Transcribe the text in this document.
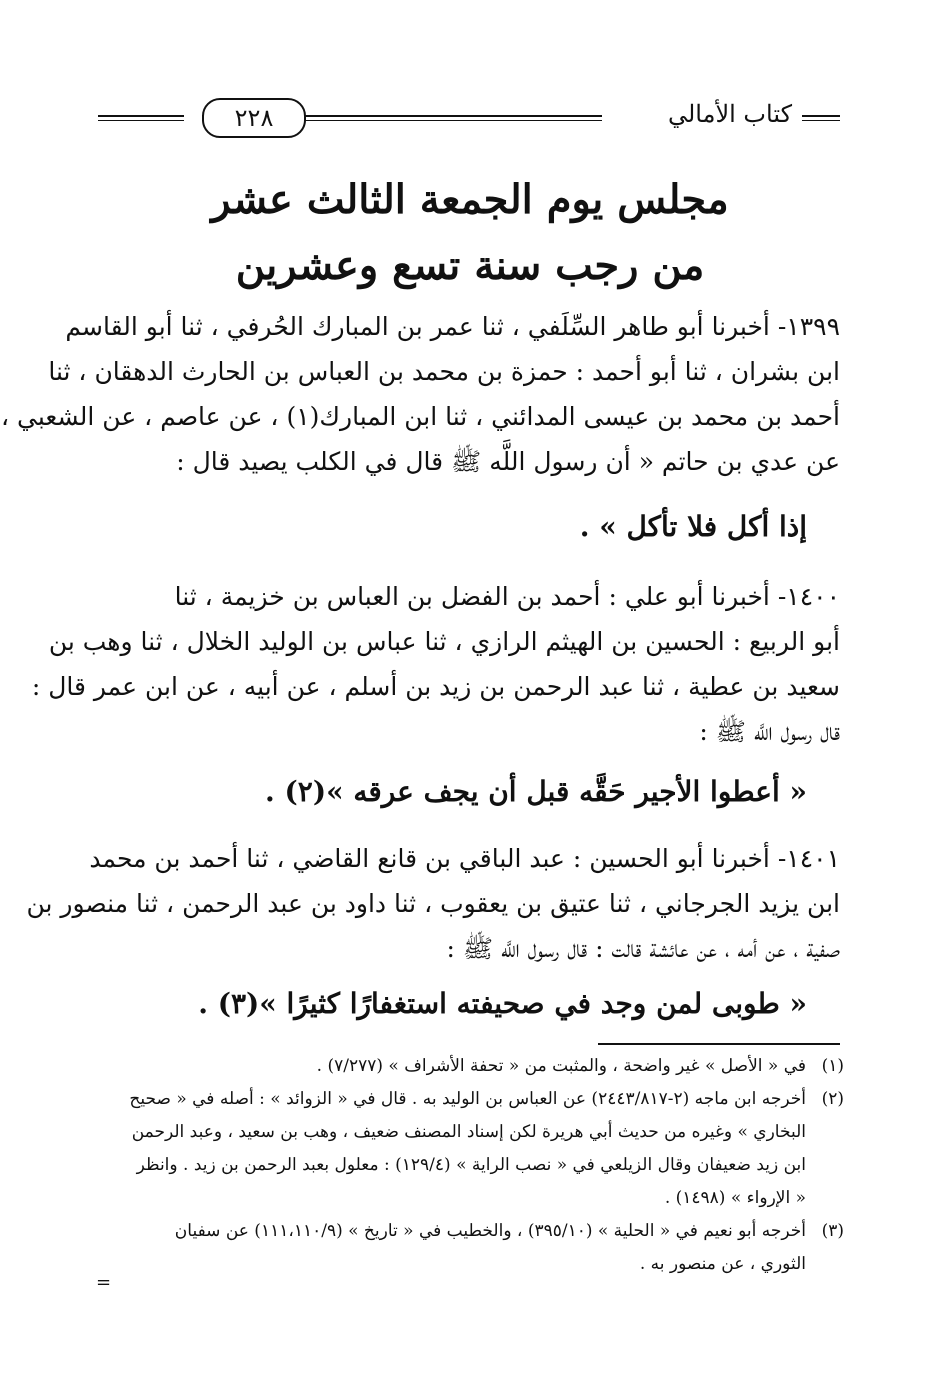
كتاب الأمالي
٢٢٨
مجلس يوم الجمعة الثالث عشر
من رجب سنة تسع وعشرين
١٣٩٩- أخبرنا أبو طاهر السِّلَفي ، ثنا عمر بن المبارك الحُرفي ، ثنا أبو القاسم
ابن بشران ، ثنا أبو أحمد : حمزة بن محمد بن العباس بن الحارث الدهقان ، ثنا
أحمد بن محمد بن عيسى المدائني ، ثنا ابن المبارك(١) ، عن عاصم ، عن الشعبي ،
عن عدي بن حاتم « أن رسول اللَّه ﷺ قال في الكلب يصيد قال :
إذا أكل فلا تأكل » .
١٤٠٠- أخبرنا أبو علي : أحمد بن الفضل بن العباس بن خزيمة ، ثنا
أبو الربيع : الحسين بن الهيثم الرازي ، ثنا عباس بن الوليد الخلال ، ثنا وهب بن
سعيد بن عطية ، ثنا عبد الرحمن بن زيد بن أسلم ، عن أبيه ، عن ابن عمر قال :
قال رسول اللَّه ﷺ :
« أعطوا الأجير حَقَّه قبل أن يجف عرقه »(٢) .
١٤٠١- أخبرنا أبو الحسين : عبد الباقي بن قانع القاضي ، ثنا أحمد بن محمد
ابن يزيد الجرجاني ، ثنا عتيق بن يعقوب ، ثنا داود بن عبد الرحمن ، ثنا منصور بن
صفية ، عن أمه ، عن عائشة قالت : قال رسول اللَّه ﷺ :
« طوبى لمن وجد في صحيفته استغفارًا كثيرًا »(٣) .
(١)
في « الأصل » غير واضحة ، والمثبت من « تحفة الأشراف » (٧/٢٧٧) .
(٢)
أخرجه ابن ماجه (٢-٢٤٤٣/٨١٧) عن العباس بن الوليد به . قال في « الزوائد » : أصله في « صحيح
البخاري » وغيره من حديث أبي هريرة لكن إسناد المصنف ضعيف ، وهب بن سعيد ، وعبد الرحمن
ابن زيد ضعيفان وقال الزيلعي في « نصب الراية » (١٢٩/٤) : معلول بعبد الرحمن بن زيد . وانظر
« الإرواء » (١٤٩٨) .
(٣)
أخرجه أبو نعيم في « الحلية » (٣٩٥/١٠) ، والخطيب في « تاريخ » (١١١،١١٠/٩) عن سفيان
الثوري ، عن منصور به .
=
